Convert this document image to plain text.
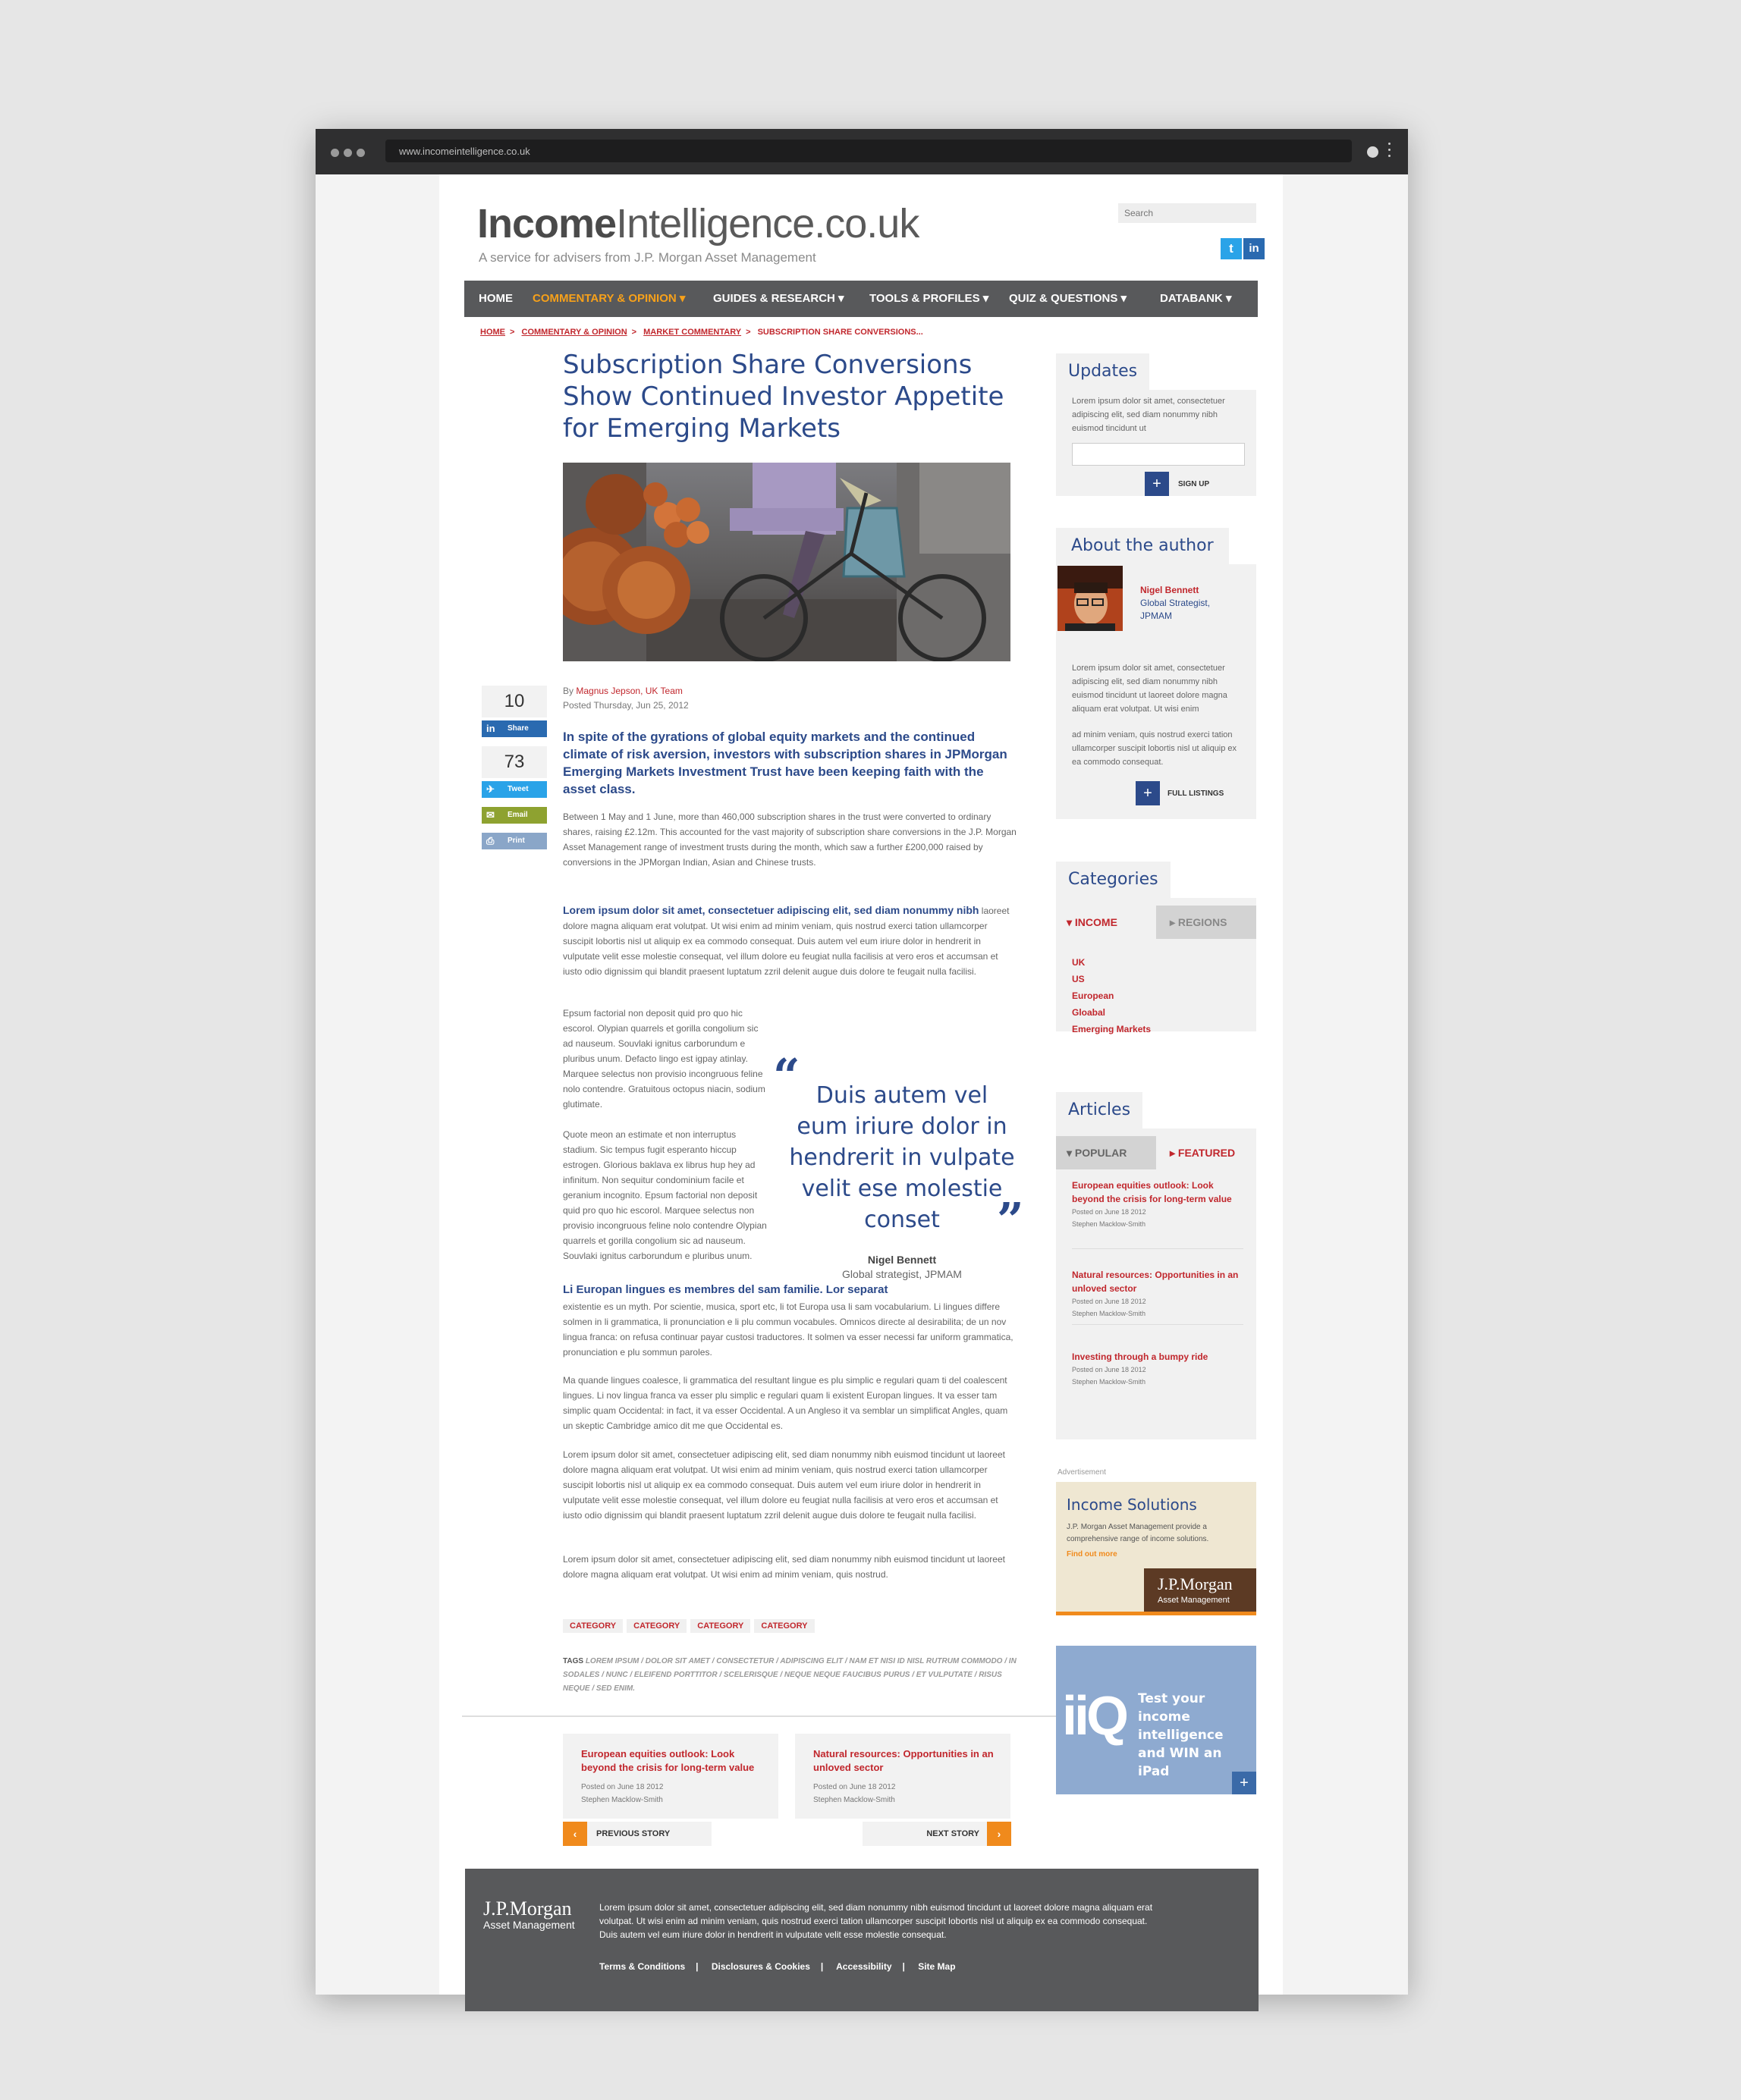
www.incomeintelligence.co.uk
IncomeIntelligence.co.uk
A service for advisers from J.P. Morgan Asset Management
Search
t	in
HOME COMMENTARY & OPINION ▾ GUIDES & RESEARCH ▾ TOOLS & PROFILES ▾ QUIZ & QUESTIONS ▾	DATABANK ▾
HOME > COMMENTARY & OPINION > MARKET COMMENTARY > SUBSCRIPTION SHARE CONVERSIONS...
Subscription Share Conversions Show Continued Investor Appetite for Emerging Markets
By Magnus Jepson, UK Team
Posted Thursday, Jun 25, 2012
10
in Share
73
✈ Tweet
✉ Email
⎙ Print
In spite of the gyrations of global equity markets and the continued climate of risk aversion, investors with subscription shares in JPMorgan Emerging Markets Investment Trust have been keeping faith with the asset class.
Between 1 May and 1 June, more than 460,000 subscription shares in the trust were converted to ordinary shares, raising £2.12m. This accounted for the vast majority of subscription share conversions in the J.P. Morgan Asset Management range of investment trusts during the month, which saw a further £200,000 raised by conversions in the JPMorgan Indian, Asian and Chinese trusts.
Lorem ipsum dolor sit amet, consectetuer adipiscing elit, sed diam nonummy nibh laoreet dolore magna aliquam erat volutpat. Ut wisi enim ad minim veniam, quis nostrud exerci tation ullamcorper suscipit lobortis nisl ut aliquip ex ea commodo consequat. Duis autem vel eum iriure dolor in hendrerit in vulputate velit esse molestie consequat, vel illum dolore eu feugiat nulla facilisis at vero eros et accumsan et iusto odio dignissim qui blandit praesent luptatum zzril delenit augue duis dolore te feugait nulla facilisi.
Epsum factorial non deposit quid pro quo hic escorol. Olypian quarrels et gorilla congolium sic ad nauseum. Souvlaki ignitus carborundum e pluribus unum. Defacto lingo est igpay atinlay. Marquee selectus non provisio incongruous feline nolo contendre. Gratuitous octopus niacin, sodium glutimate.
Quote meon an estimate et non interruptus stadium. Sic tempus fugit esperanto hiccup estrogen. Glorious baklava ex librus hup hey ad infinitum. Non sequitur condominium facile et geranium incognito. Epsum factorial non deposit quid pro quo hic escorol. Marquee selectus non provisio incongruous feline nolo contendre Olypian quarrels et gorilla congolium sic ad nauseum. Souvlaki ignitus carborundum e pluribus unum.
“ Duis autem vel eum iriure dolor in hendrerit in vulpate velit ese molestie conset	”
Nigel Bennett
Global strategist, JPMAM
Li Europan lingues es membres del sam familie. Lor separat
existentie es un myth. Por scientie, musica, sport etc, li tot Europa usa li sam vocabularium. Li lingues differe solmen in li grammatica, li pronunciation e li plu commun vocabules. Omnicos directe al desirabilita; de un nov lingua franca: on refusa continuar payar custosi traductores. It solmen va esser necessi far uniform grammatica, pronunciation e plu sommun paroles.
Ma quande lingues coalesce, li grammatica del resultant lingue es plu simplic e regulari quam ti del coalescent lingues. Li nov lingua franca va esser plu simplic e regulari quam li existent Europan lingues. It va esser tam simplic quam Occidental: in fact, it va esser Occidental. A un Angleso it va semblar un simplificat Angles, quam un skeptic Cambridge amico dit me que Occidental es.
Lorem ipsum dolor sit amet, consectetuer adipiscing elit, sed diam nonummy nibh euismod tincidunt ut laoreet dolore magna aliquam erat volutpat. Ut wisi enim ad minim veniam, quis nostrud exerci tation ullamcorper suscipit lobortis nisl ut aliquip ex ea commodo consequat. Duis autem vel eum iriure dolor in hendrerit in vulputate velit esse molestie consequat, vel illum dolore eu feugiat nulla facilisis at vero eros et accumsan et iusto odio dignissim qui blandit praesent luptatum zzril delenit augue duis dolore te feugait nulla facilisi.
Lorem ipsum dolor sit amet, consectetuer adipiscing elit, sed diam nonummy nibh euismod tincidunt ut laoreet dolore magna aliquam erat volutpat. Ut wisi enim ad minim veniam, quis nostrud.
CATEGORY CATEGORY CATEGORY CATEGORY
TAGS LOREM IPSUM / DOLOR SIT AMET / CONSECTETUR / ADIPISCING ELIT / NAM ET NISI ID NISL RUTRUM COMMODO / IN SODALES / NUNC / ELEIFEND PORTTITOR / SCELERISQUE / NEQUE NEQUE FAUCIBUS PURUS / ET VULPUTATE / RISUS NEQUE / SED ENIM.
European equities outlook: Look beyond the crisis for long-term value
Posted on June 18 2012
Stephen Macklow-Smith
Natural resources: Opportunities in an unloved sector
Posted on June 18 2012
Stephen Macklow-Smith
‹	PREVIOUS STORY	NEXT STORY	›
J.P.Morgan
Asset Management
Lorem ipsum dolor sit amet, consectetuer adipiscing elit, sed diam nonummy nibh euismod tincidunt ut laoreet dolore magna aliquam erat volutpat. Ut wisi enim ad minim veniam, quis nostrud exerci tation ullamcorper suscipit lobortis nisl ut aliquip ex ea commodo consequat. Duis autem vel eum iriure dolor in hendrerit in vulputate velit esse molestie consequat.
Terms & Conditions | Disclosures & Cookies | Accessibility | Site Map
Updates
Lorem ipsum dolor sit amet, consectetuer adipiscing elit, sed diam nonummy nibh euismod tincidunt ut
+	SIGN UP
About the author
Nigel Bennett
Global Strategist, JPMAM
Lorem ipsum dolor sit amet, consectetuer adipiscing elit, sed diam nonummy nibh euismod tincidunt ut laoreet dolore magna aliquam erat volutpat. Ut wisi enim
ad minim veniam, quis nostrud exerci tation ullamcorper suscipit lobortis nisl ut aliquip ex ea commodo consequat.
+	FULL LISTINGS
Categories
▾ INCOME	▸ REGIONS
UK
US
European
Gloabal
Emerging Markets
Articles
▾ POPULAR	▸ FEATURED
European equities outlook: Look beyond the crisis for long-term value
Posted on June 18 2012
Stephen Macklow-Smith
Natural resources: Opportunities in an unloved sector
Posted on June 18 2012
Stephen Macklow-Smith
Investing through a bumpy ride
Posted on June 18 2012
Stephen Macklow-Smith
Advertisement
Income Solutions
J.P. Morgan Asset Management provide a comprehensive range of income solutions.
Find out more
J.P.Morgan
Asset Management
iiQ Test your income intelligence and WIN an iPad
+
